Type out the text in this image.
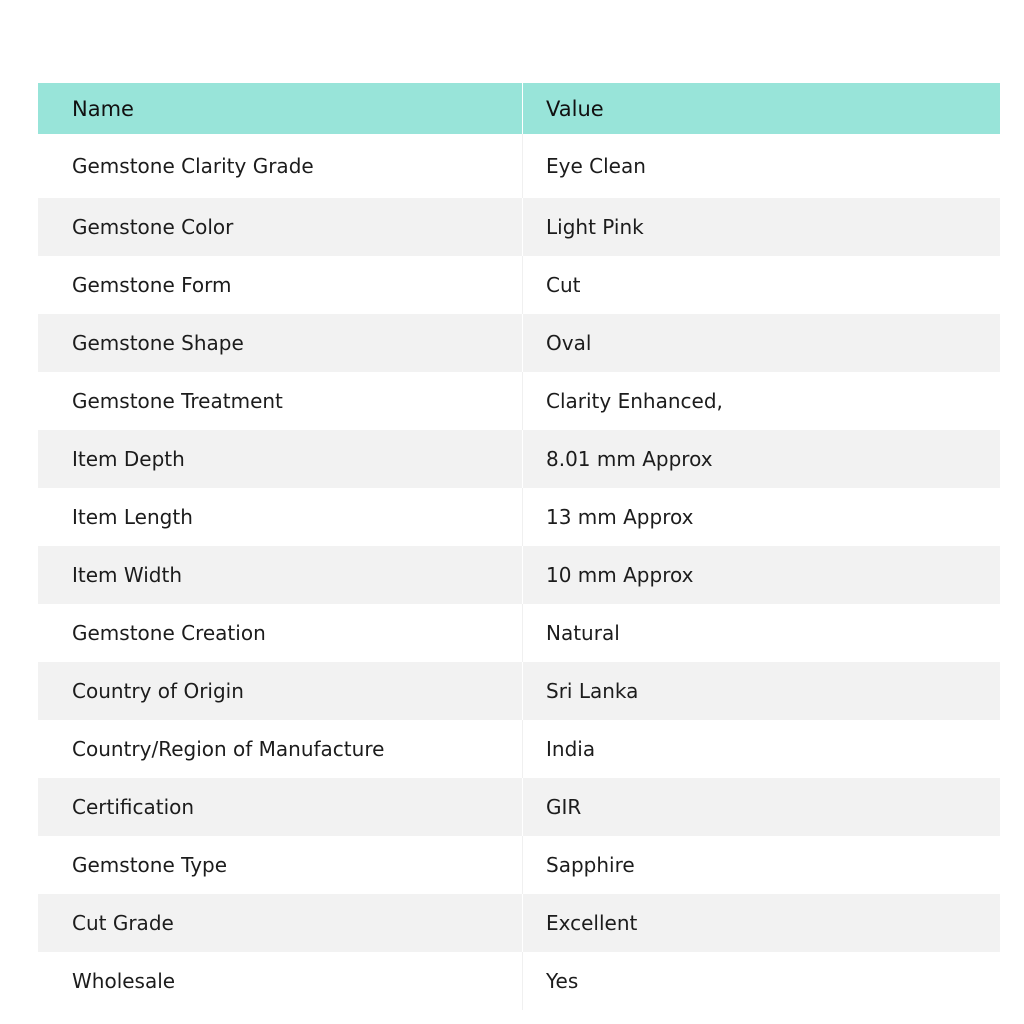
Name	Value
Gemstone Clarity Grade	Eye Clean
Gemstone Color	Light Pink
Gemstone Form	Cut
Gemstone Shape	Oval
Gemstone Treatment	Clarity Enhanced,
Item Depth	8.01 mm Approx
Item Length	13 mm Approx
Item Width	10 mm Approx
Gemstone Creation	Natural
Country of Origin	Sri Lanka
Country/Region of Manufacture	India
Certification	GIR
Gemstone Type	Sapphire
Cut Grade	Excellent
Wholesale	Yes
